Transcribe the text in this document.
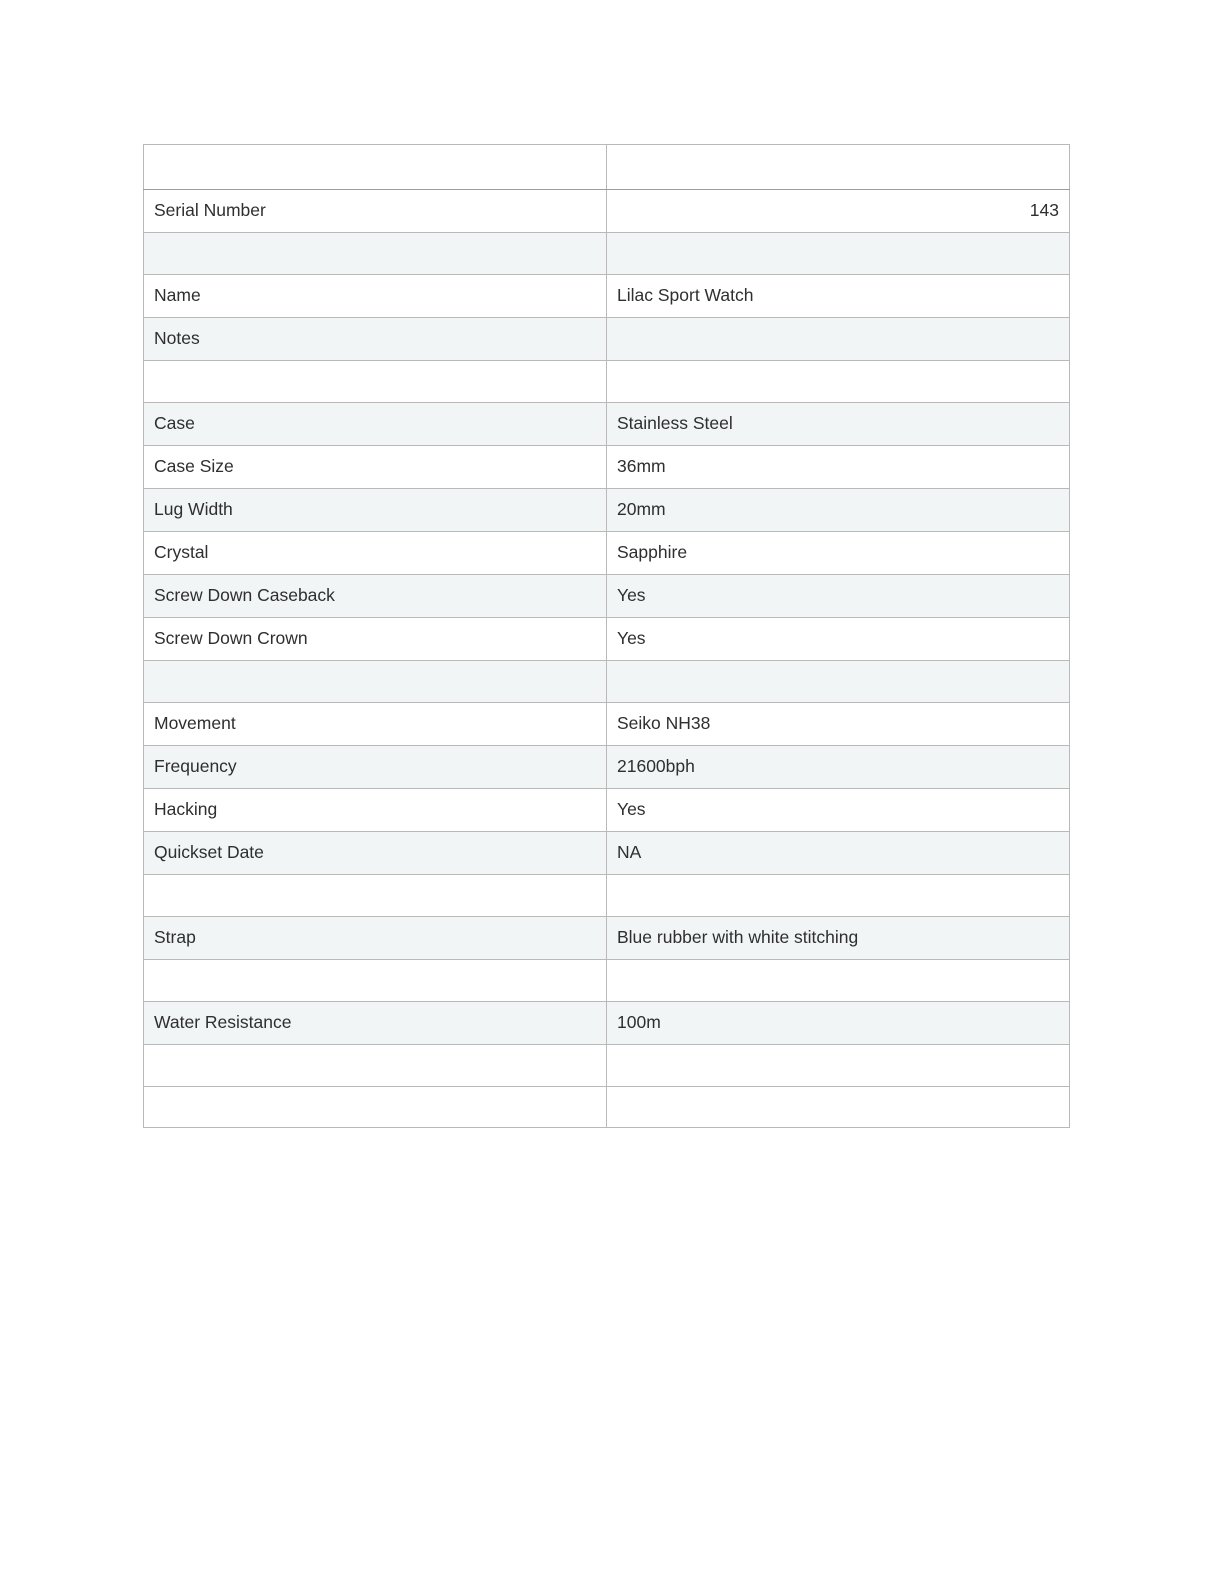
Serial Number	143

Name	Lilac Sport Watch
Notes	

Case	Stainless Steel
Case Size	36mm
Lug Width	20mm
Crystal	Sapphire
Screw Down Caseback	Yes
Screw Down Crown	Yes

Movement	Seiko NH38
Frequency	21600bph
Hacking	Yes
Quickset Date	NA

Strap	Blue rubber with white stitching

Water Resistance	100m
